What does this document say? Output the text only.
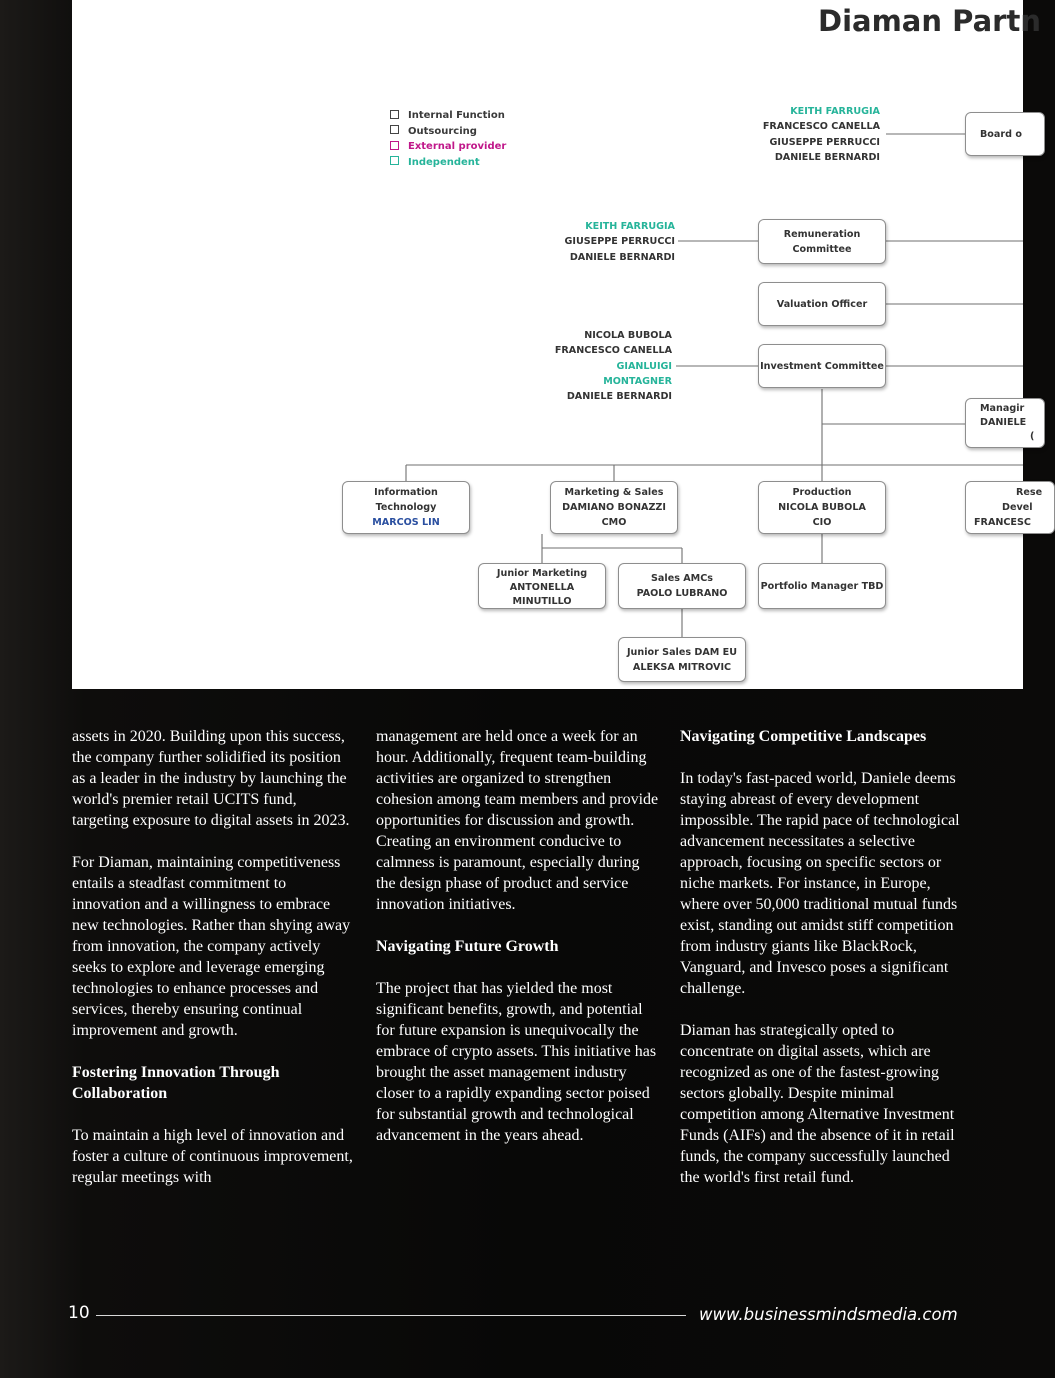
Diaman Partn
Internal Function
Outsourcing
External provider
Independent
KEITH FARRUGIA
FRANCESCO CANELLA
GIUSEPPE PERRUCCI
DANIELE BERNARDI
KEITH FARRUGIA
GIUSEPPE PERRUCCI
DANIELE BERNARDI
NICOLA BUBOLA
FRANCESCO CANELLA
GIANLUIGI
MONTAGNER
DANIELE BERNARDI
Board o
Remuneration
Committee
Valuation Officer
Investment Committee
Managir
DANIELE
(
Information
Technology
MARCOS LIN
Marketing & Sales
DAMIANO BONAZZI
CMO
Production
NICOLA BUBOLA
CIO
Rese
Devel
FRANCESC
Junior Marketing
ANTONELLA
MINUTILLO
Sales AMCs
PAOLO LUBRANO
Portfolio Manager TBD
Junior Sales DAM EU
ALEKSA MITROVIC

assets in 2020. Building upon this success, the company further solidified its position as a leader in the industry by launching the world's premier retail UCITS fund, targeting exposure to digital assets in 2023.

For Diaman, maintaining competitiveness entails a steadfast commitment to innovation and a willingness to embrace new technologies. Rather than shying away from innovation, the company actively seeks to explore and leverage emerging technologies to enhance processes and services, thereby ensuring continual improvement and growth.

Fostering Innovation Through Collaboration

To maintain a high level of innovation and foster a culture of continuous improvement, regular meetings with

management are held once a week for an hour. Additionally, frequent team-building activities are organized to strengthen cohesion among team members and provide opportunities for discussion and growth. Creating an environment conducive to calmness is paramount, especially during the design phase of product and service innovation initiatives.

Navigating Future Growth

The project that has yielded the most significant benefits, growth, and potential for future expansion is unequivocally the embrace of crypto assets. This initiative has brought the asset management industry closer to a rapidly expanding sector poised for substantial growth and technological advancement in the years ahead.

Navigating Competitive Landscapes

In today's fast-paced world, Daniele deems staying abreast of every development impossible. The rapid pace of technological advancement necessitates a selective approach, focusing on specific sectors or niche markets. For instance, in Europe, where over 50,000 traditional mutual funds exist, standing out amidst stiff competition from industry giants like BlackRock, Vanguard, and Invesco poses a significant challenge.

Diaman has strategically opted to concentrate on digital assets, which are recognized as one of the fastest-growing sectors globally. Despite minimal competition among Alternative Investment Funds (AIFs) and the absence of it in retail funds, the company successfully launched the world's first retail fund.

10	www.businessmindsmedia.com
